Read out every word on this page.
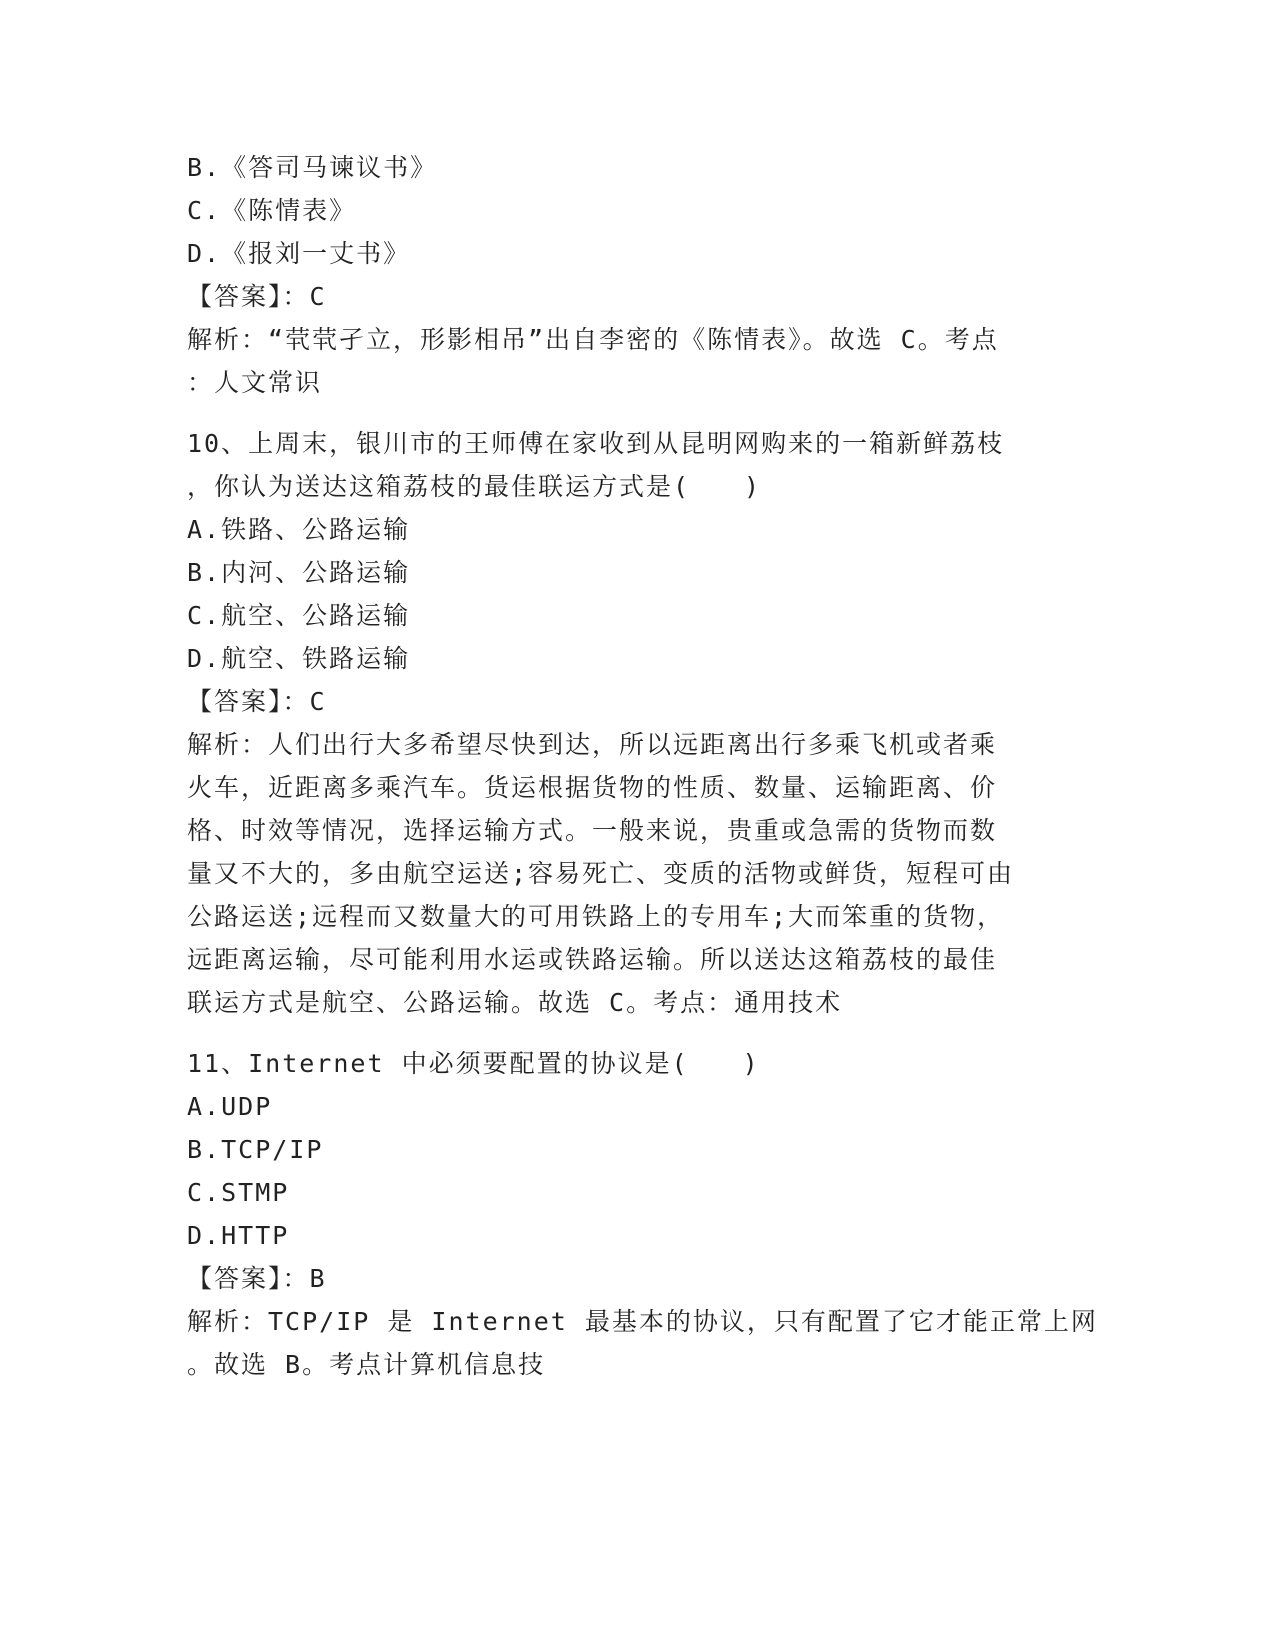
B.《答司马谏议书》
C.《陈情表》
D.《报刘一丈书》
【答案】：C
解析：“茕茕孑立，形影相吊”出自李密的《陈情表》。故选 C。考点
：人文常识
10、上周末，银川市的王师傅在家收到从昆明网购来的一箱新鲜荔枝
，你认为送达这箱荔枝的最佳联运方式是(　　)
A.铁路、公路运输
B.内河、公路运输
C.航空、公路运输
D.航空、铁路运输
【答案】：C
解析：人们出行大多希望尽快到达，所以远距离出行多乘飞机或者乘
火车，近距离多乘汽车。货运根据货物的性质、数量、运输距离、价
格、时效等情况，选择运输方式。一般来说，贵重或急需的货物而数
量又不大的，多由航空运送;容易死亡、变质的活物或鲜货，短程可由
公路运送;远程而又数量大的可用铁路上的专用车;大而笨重的货物，
远距离运输，尽可能利用水运或铁路运输。所以送达这箱荔枝的最佳
联运方式是航空、公路运输。故选 C。考点：通用技术
11、Internet 中必须要配置的协议是(　　)
A.UDP
B.TCP/IP
C.STMP
D.HTTP
【答案】：B
解析：TCP/IP 是 Internet 最基本的协议，只有配置了它才能正常上网
。故选 B。考点计算机信息技
